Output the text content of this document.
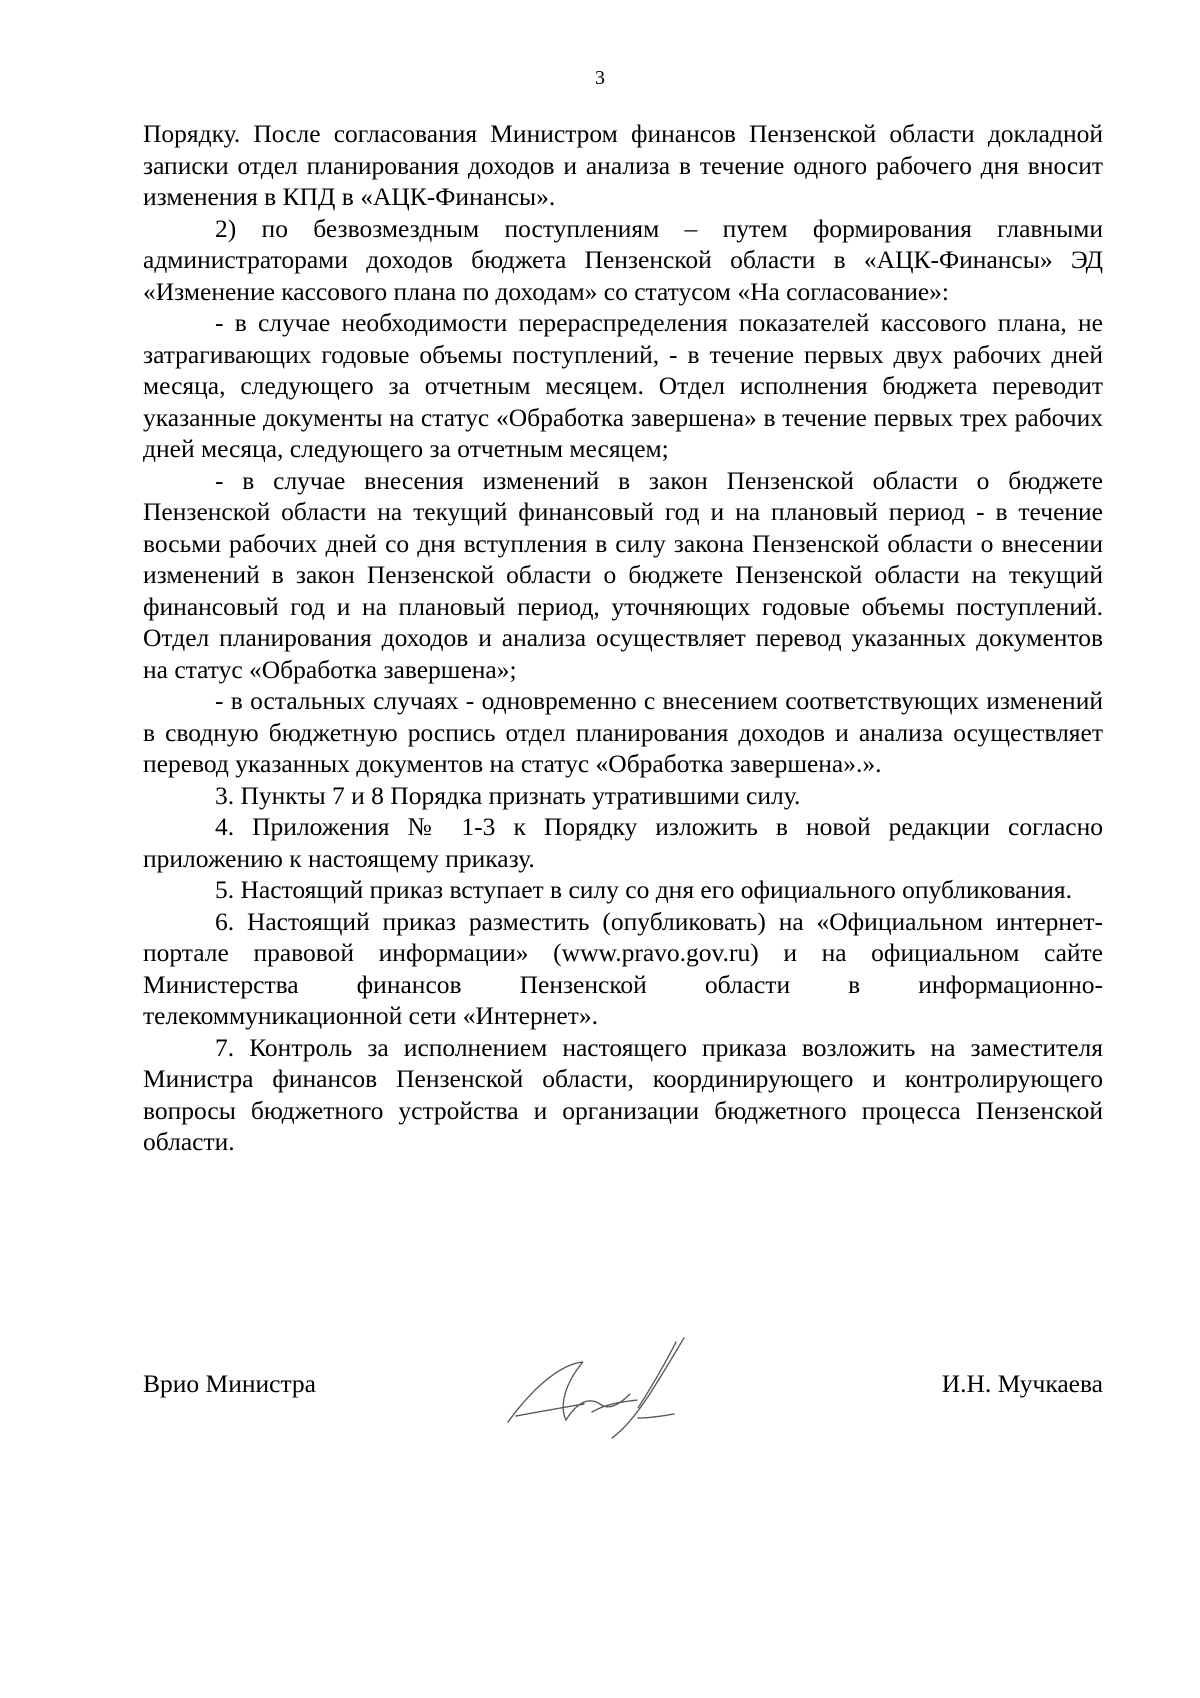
3

Порядку. После согласования Министром финансов Пензенской области докладной записки отдел планирования доходов и анализа в течение одного рабочего дня вносит изменения в КПД в «АЦК-Финансы».

2) по безвозмездным поступлениям – путем формирования главными администраторами доходов бюджета Пензенской области в «АЦК-Финансы» ЭД «Изменение кассового плана по доходам» со статусом «На согласование»:

- в случае необходимости перераспределения показателей кассового плана, не затрагивающих годовые объемы поступлений, - в течение первых двух рабочих дней месяца, следующего за отчетным месяцем. Отдел исполнения бюджета переводит указанные документы на статус «Обработка завершена» в течение первых трех рабочих дней месяца, следующего за отчетным месяцем;

- в случае внесения изменений в закон Пензенской области о бюджете Пензенской области на текущий финансовый год и на плановый период - в течение восьми рабочих дней со дня вступления в силу закона Пензенской области о внесении изменений в закон Пензенской области о бюджете Пензенской области на текущий финансовый год и на плановый период, уточняющих годовые объемы поступлений. Отдел планирования доходов и анализа осуществляет перевод указанных документов на статус «Обработка завершена»;

- в остальных случаях - одновременно с внесением соответствующих изменений в сводную бюджетную роспись отдел планирования доходов и анализа осуществляет перевод указанных документов на статус «Обработка завершена».».

3. Пункты 7 и 8 Порядка признать утратившими силу.

4. Приложения № 1-3 к Порядку изложить в новой редакции согласно приложению к настоящему приказу.

5. Настоящий приказ вступает в силу со дня его официального опубликования.

6. Настоящий приказ разместить (опубликовать) на «Официальном интернет-портале правовой информации» (www.pravo.gov.ru) и на официальном сайте Министерства финансов Пензенской области в информационно-телекоммуникационной сети «Интернет».

7. Контроль за исполнением настоящего приказа возложить на заместителя Министра финансов Пензенской области, координирующего и контролирующего вопросы бюджетного устройства и организации бюджетного процесса Пензенской области.

Врио Министра	И.Н. Мучкаева
